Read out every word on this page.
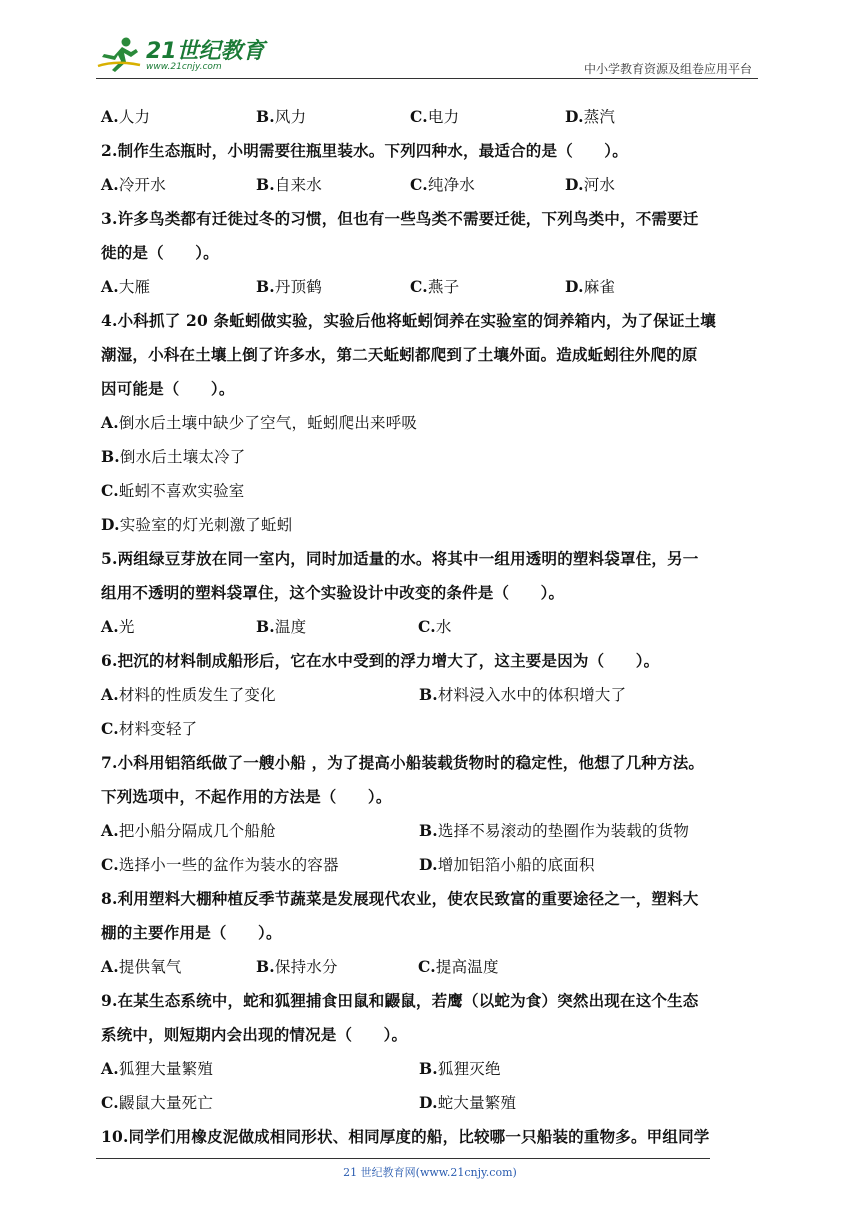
21世纪教育
www.21cnjy.com	中小学教育资源及组卷应用平台
A.人力	B.风力	C.电力	D.蒸汽
2.制作生态瓶时，小明需要往瓶里装水。下列四种水，最适合的是（　　）。
A.冷开水	B.自来水	C.纯净水	D.河水
3.许多鸟类都有迁徙过冬的习惯，但也有一些鸟类不需要迁徙，下列鸟类中，不需要迁
徙的是（　　）。
A.大雁	B.丹顶鹤	C.燕子	D.麻雀
4.小科抓了 20 条蚯蚓做实验，实验后他将蚯蚓饲养在实验室的饲养箱内，为了保证土壤
潮湿，小科在土壤上倒了许多水，第二天蚯蚓都爬到了土壤外面。造成蚯蚓往外爬的原
因可能是（　　）。
A.倒水后土壤中缺少了空气，蚯蚓爬出来呼吸
B.倒水后土壤太冷了
C.蚯蚓不喜欢实验室
D.实验室的灯光刺激了蚯蚓
5.两组绿豆芽放在同一室内，同时加适量的水。将其中一组用透明的塑料袋罩住，另一
组用不透明的塑料袋罩住，这个实验设计中改变的条件是（　　）。
A.光	B.温度	C.水
6.把沉的材料制成船形后，它在水中受到的浮力增大了，这主要是因为（　　）。
A.材料的性质发生了变化	B.材料浸入水中的体积增大了
C.材料变轻了
7.小科用铝箔纸做了一艘小船 ，为了提高小船装载货物时的稳定性，他想了几种方法。
下列选项中，不起作用的方法是（　　）。
A.把小船分隔成几个船舱	B.选择不易滚动的垫圈作为装载的货物
C.选择小一些的盆作为装水的容器	D.增加铝箔小船的底面积
8.利用塑料大棚种植反季节蔬菜是发展现代农业，使农民致富的重要途径之一，塑料大
棚的主要作用是（　　）。
A.提供氧气	B.保持水分	C.提高温度
9.在某生态系统中，蛇和狐狸捕食田鼠和鼹鼠，若鹰（以蛇为食）突然出现在这个生态
系统中，则短期内会出现的情况是（　　）。
A.狐狸大量繁殖	B.狐狸灭绝
C.鼹鼠大量死亡	D.蛇大量繁殖
10.同学们用橡皮泥做成相同形状、相同厚度的船，比较哪一只船装的重物多。甲组同学
21 世纪教育网(www.21cnjy.com)
